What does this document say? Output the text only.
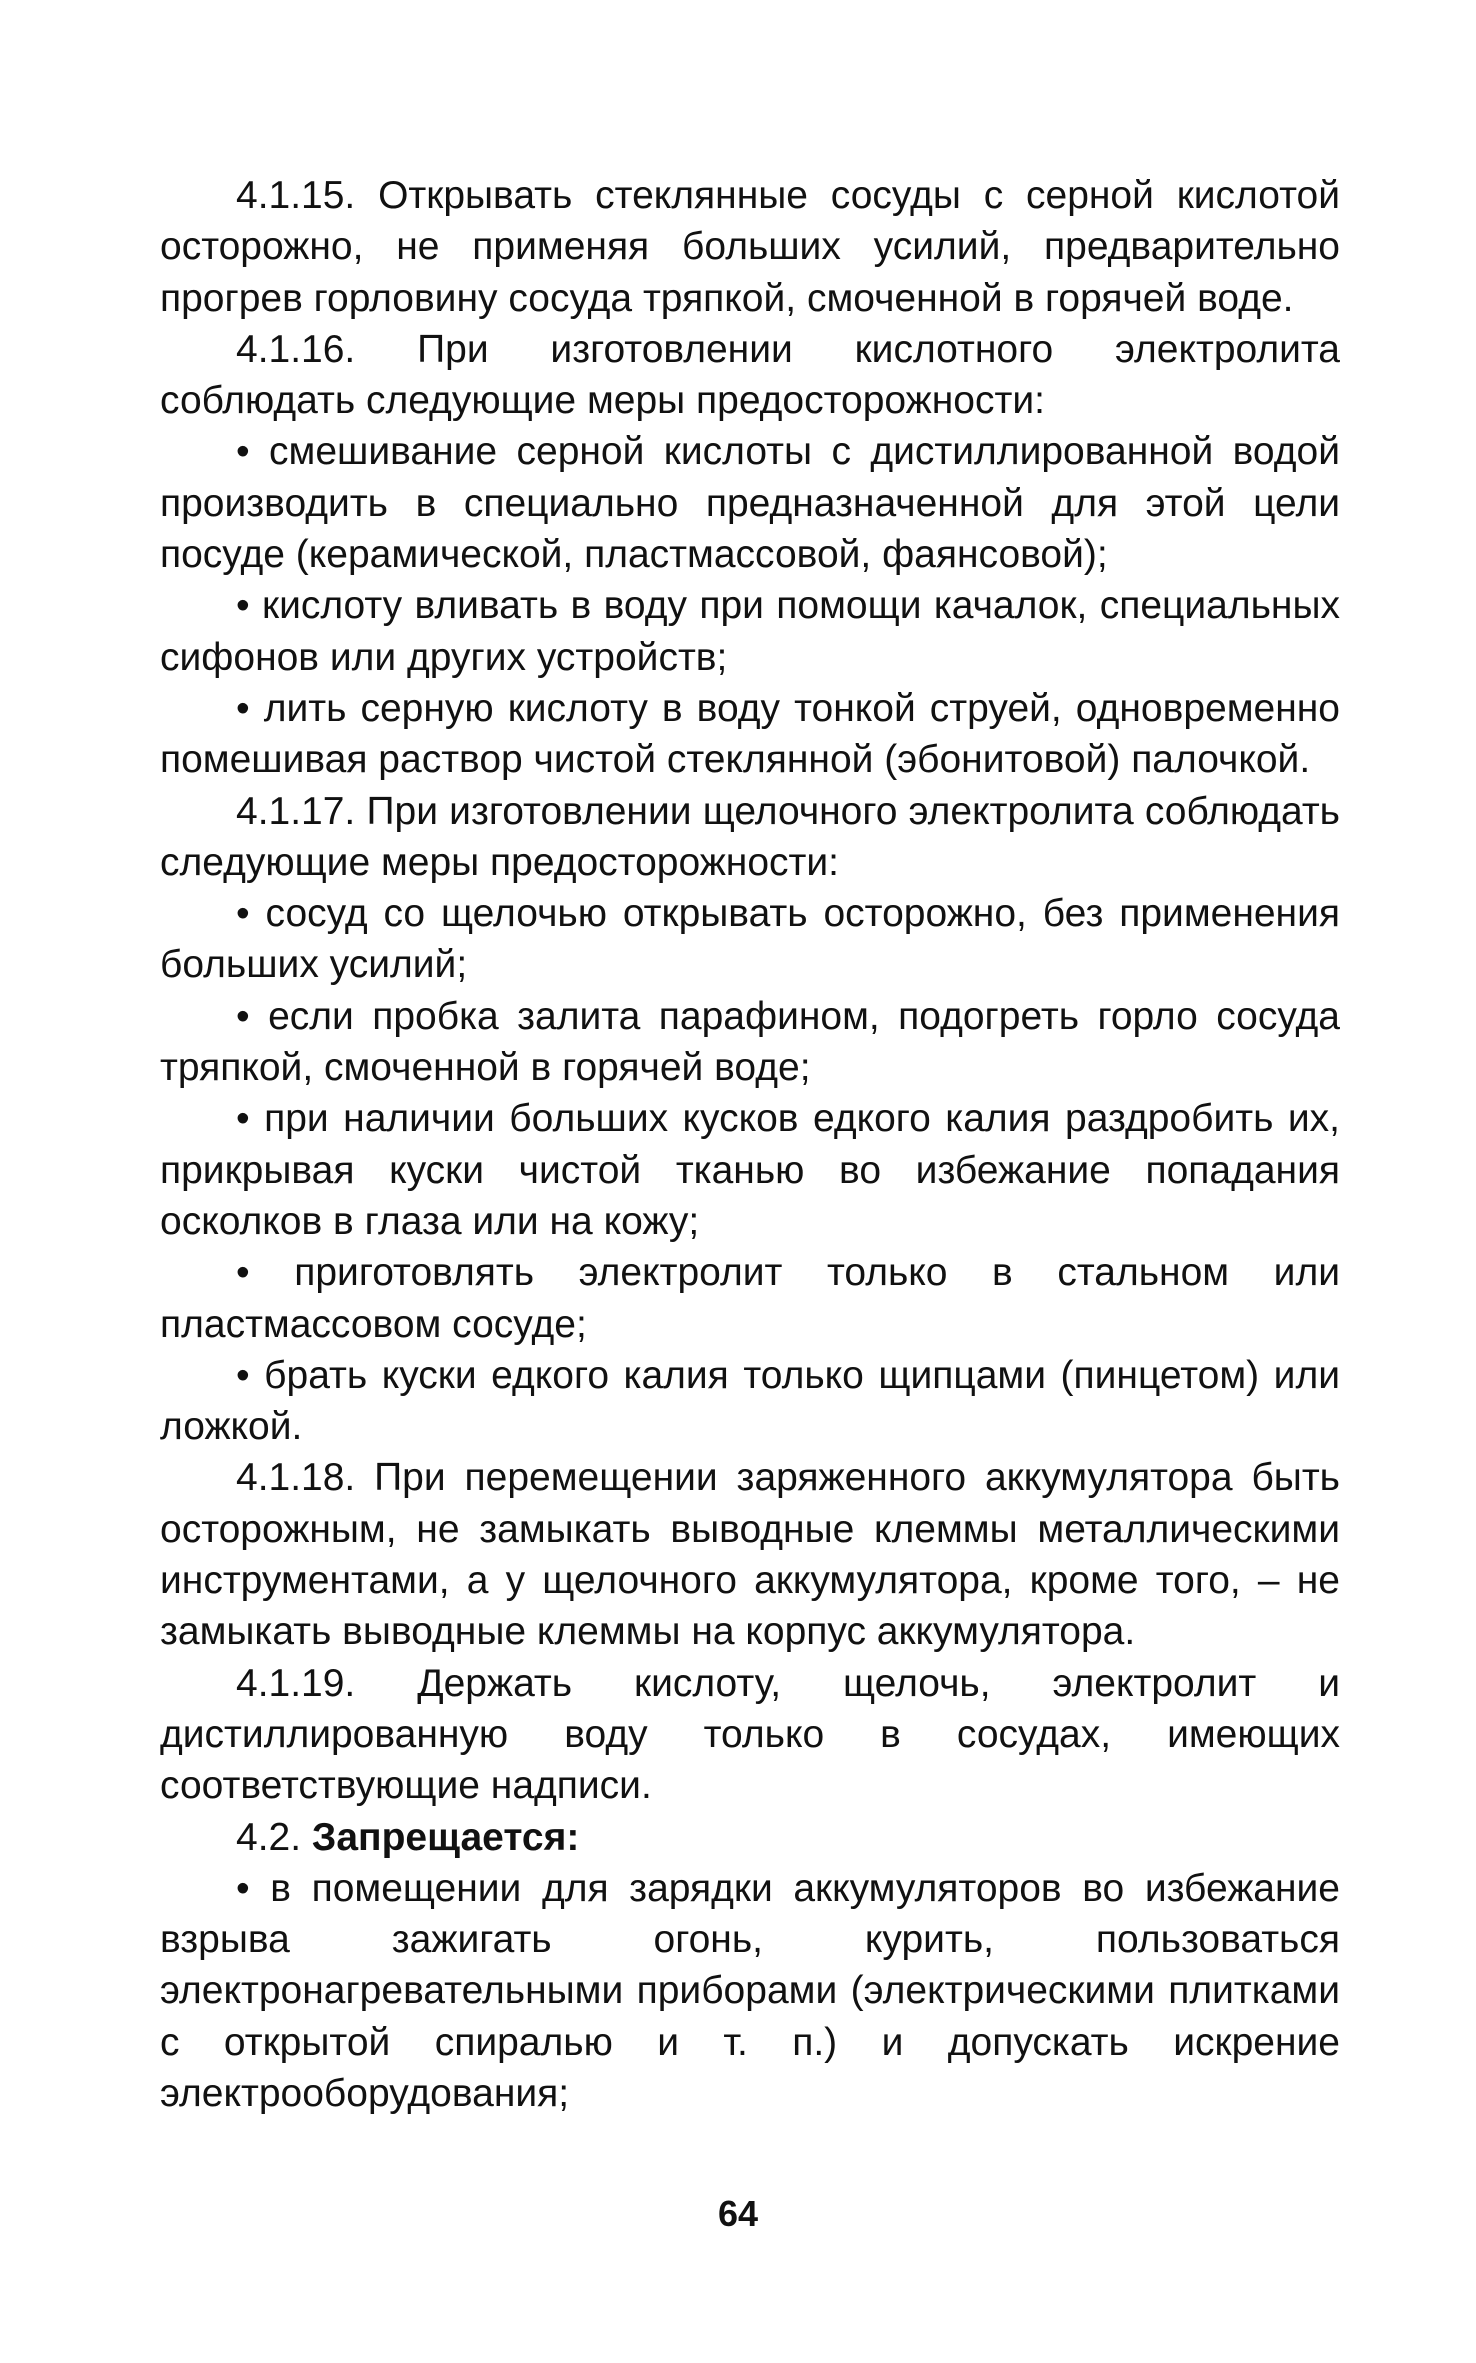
4.1.15. Открывать стеклянные сосуды с серной кислотой осторожно, не применяя больших усилий, предварительно прогрев горловину сосуда тряпкой, смоченной в горячей воде.

4.1.16. При изготовлении кислотного электролита соблюдать следующие меры предосторожности:

• смешивание серной кислоты с дистиллированной водой производить в специально предназначенной для этой цели посуде (керамической, пластмассовой, фаянсовой);

• кислоту вливать в воду при помощи качалок, специальных сифонов или других устройств;

• лить серную кислоту в воду тонкой струей, одновременно помешивая раствор чистой стеклянной (эбонитовой) палочкой.

4.1.17. При изготовлении щелочного электролита соблюдать следующие меры предосторожности:

• сосуд со щелочью открывать осторожно, без применения больших усилий;

• если пробка залита парафином, подогреть горло сосуда тряпкой, смоченной в горячей воде;

• при наличии больших кусков едкого калия раздробить их, прикрывая куски чистой тканью во избежание попадания осколков в глаза или на кожу;

• приготовлять электролит только в стальном или пластмассовом сосуде;

• брать куски едкого калия только щипцами (пинцетом) или ложкой.

4.1.18. При перемещении заряженного аккумулятора быть осторожным, не замыкать выводные клеммы металлическими инструментами, а у щелочного аккумулятора, кроме того, – не замыкать выводные клеммы на корпус аккумулятора.

4.1.19. Держать кислоту, щелочь, электролит и дистиллированную воду только в сосудах, имеющих соответствующие надписи.

4.2. Запрещается:

• в помещении для зарядки аккумуляторов во избежание взрыва зажигать огонь, курить, пользоваться электронагревательными приборами (электрическими плитками с открытой спиралью и т. п.) и допускать искрение электрооборудования;

64
